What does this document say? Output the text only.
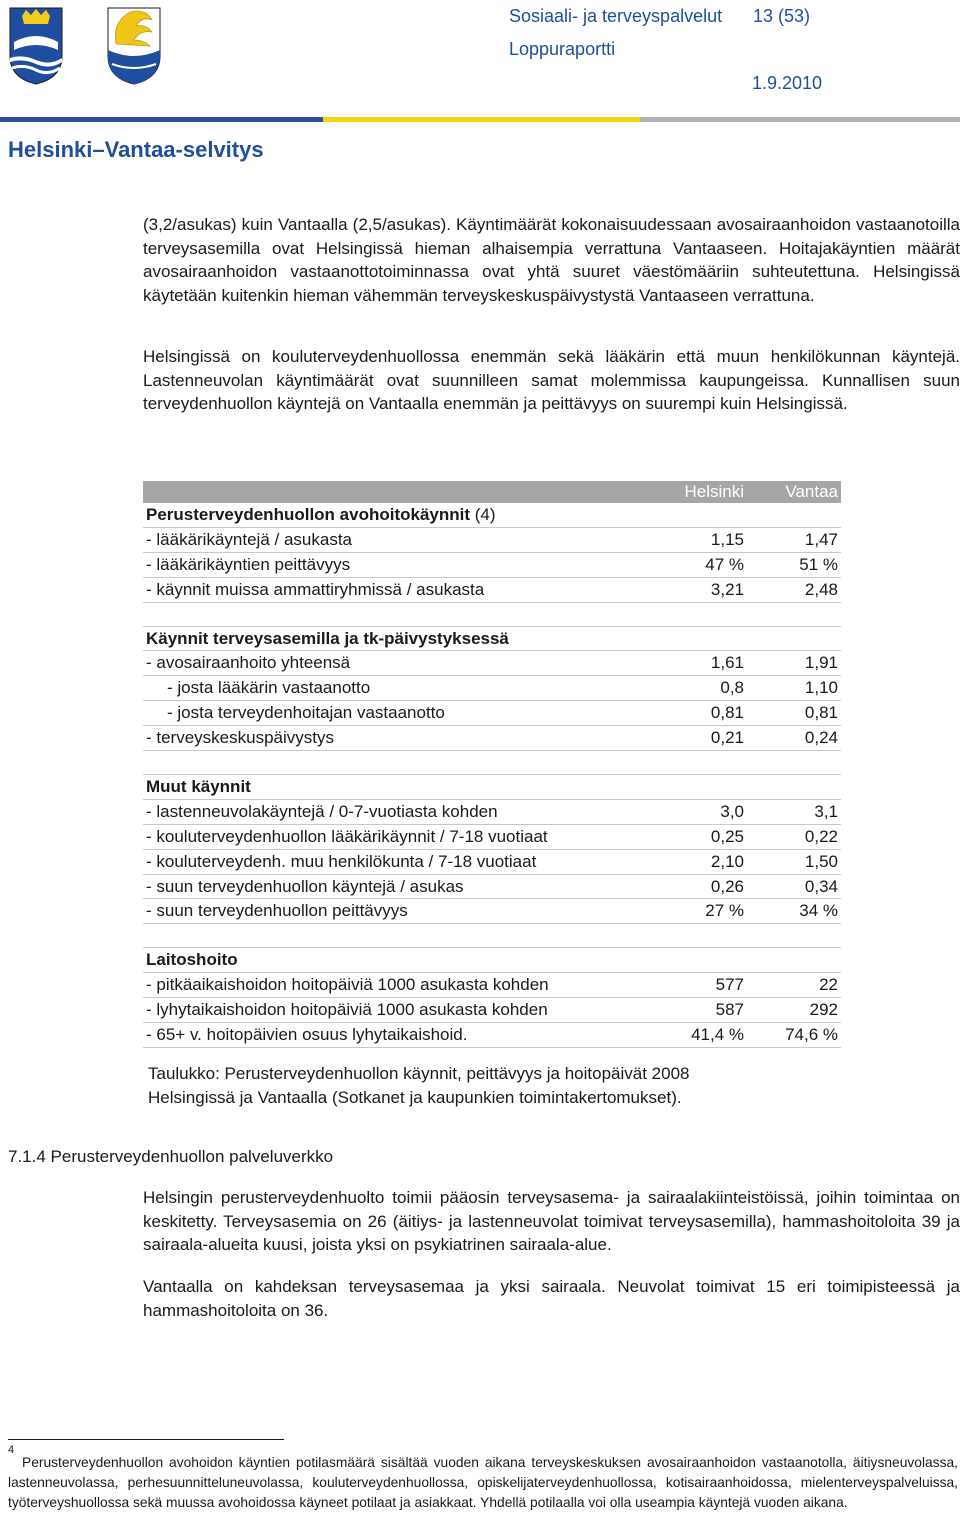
Sosiaali- ja terveyspalvelut 13 (53)
Loppuraportti
1.9.2010
Helsinki–Vantaa-selvitys

(3,2/asukas) kuin Vantaalla (2,5/asukas). Käyntimäärät kokonaisuudessaan avosairaanhoidon vastaanotoilla terveysasemilla ovat Helsingissä hieman alhaisempia verrattuna Vantaaseen. Hoitajakäyntien määrät avosairaanhoidon vastaanottotoiminnassa ovat yhtä suuret väestömääriin suhteutettuna. Helsingissä käytetään kuitenkin hieman vähemmän terveyskeskuspäivystystä Vantaaseen verrattuna.

Helsingissä on kouluterveydenhuollossa enemmän sekä lääkärin että muun henkilökunnan käyntejä. Lastenneuvolan käyntimäärät ovat suunnilleen samat molemmissa kaupungeissa. Kunnallisen suun terveydenhuollon käyntejä on Vantaalla enemmän ja peittävyys on suurempi kuin Helsingissä.

	Helsinki	Vantaa
Perusterveydenhuollon avohoitokäynnit (4)		
- lääkärikäyntejä / asukasta	1,15	1,47
- lääkärikäyntien peittävyys	47 %	51 %
- käynnit muissa ammattiryhmissä / asukasta	3,21	2,48

Käynnit terveysasemilla ja tk-päivystyksessä		
- avosairaanhoito yhteensä	1,61	1,91
- josta lääkärin vastaanotto	0,8	1,10
- josta terveydenhoitajan vastaanotto	0,81	0,81
- terveyskeskuspäivystys	0,21	0,24

Muut käynnit		
- lastenneuvolakäyntejä / 0-7-vuotiasta kohden	3,0	3,1
- kouluterveydenhuollon lääkärikäynnit / 7-18 vuotiaat	0,25	0,22
- kouluterveydenh. muu henkilökunta / 7-18 vuotiaat	2,10	1,50
- suun terveydenhuollon käyntejä / asukas	0,26	0,34
- suun terveydenhuollon peittävyys	27 %	34 %

Laitoshoito		
- pitkäaikaishoidon hoitopäiviä 1000 asukasta kohden	577	22
- lyhytaikaishoidon hoitopäiviä 1000 asukasta kohden	587	292
- 65+ v. hoitopäivien osuus lyhytaikaishoid.	41,4 %	74,6 %

Taulukko: Perusterveydenhuollon käynnit, peittävyys ja hoitopäivät 2008
Helsingissä ja Vantaalla (Sotkanet ja kaupunkien toimintakertomukset).

7.1.4 Perusterveydenhuollon palveluverkko

Helsingin perusterveydenhuolto toimii pääosin terveysasema- ja sairaalakiinteistöissä, joihin toimintaa on keskitetty. Terveysasemia on 26 (äitiys- ja lastenneuvolat toimivat terveysasemilla), hammashoitoloita 39 ja sairaala-alueita kuusi, joista yksi on psykiatrinen sairaala-alue.

Vantaalla on kahdeksan terveysasemaa ja yksi sairaala. Neuvolat toimivat 15 eri toimipisteessä ja hammashoitoloita on 36.

4

Perusterveydenhuollon avohoidon käyntien potilasmäärä sisältää vuoden aikana terveyskeskuksen avosairaanhoidon vastaanotolla, äitiysneuvolassa, lastenneuvolassa, perhesuunnitteluneuvolassa, kouluterveydenhuollossa, opiskelijaterveydenhuollossa, kotisairaanhoidossa, mielenterveyspalveluissa, työterveyshuollossa sekä muussa avohoidossa käyneet potilaat ja asiakkaat. Yhdellä potilaalla voi olla useampia käyntejä vuoden aikana.
